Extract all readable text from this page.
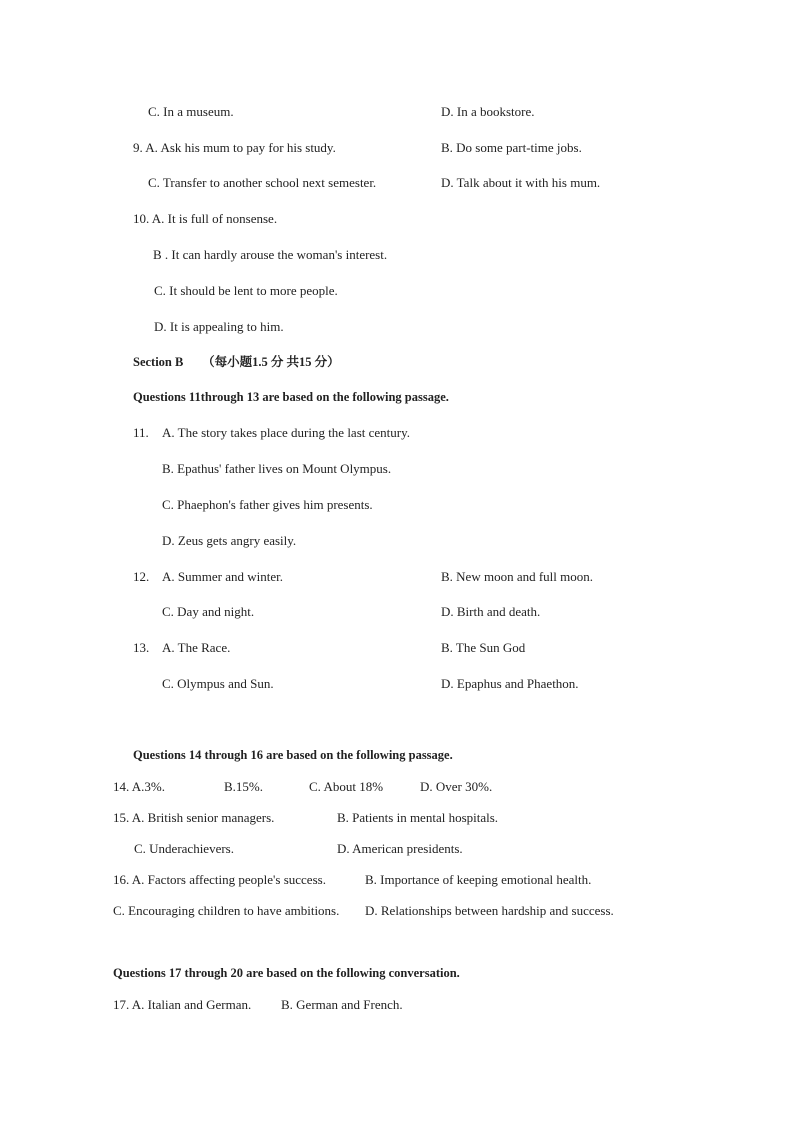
C. In a museum.	D. In a bookstore.
9. A. Ask his mum to pay for his study.	B. Do some part-time jobs.
C. Transfer to another school next semester.	D. Talk about it with his mum.
10. A. It is full of nonsense.
B . It can hardly arouse the woman's interest.
C. It should be lent to more people.
D. It is appealing to him.
Section B　　（每小题1.5 分 共15 分）
Questions 11through 13 are based on the following passage.
11. A. The story takes place during the last century.
B. Epathus' father lives on Mount Olympus.
C. Phaephon's father gives him presents.
D. Zeus gets angry easily.
12. A. Summer and winter.	B. New moon and full moon.
C. Day and night.	D. Birth and death.
13. A. The Race.	B. The Sun God
C. Olympus and Sun.	D. Epaphus and Phaethon.
Questions 14 through 16 are based on the following passage.
14. A.3%.	B.15%.	C. About 18%	D. Over 30%.
15. A. British senior managers.	B. Patients in mental hospitals.
C. Underachievers.	D. American presidents.
16. A. Factors affecting people's success.	B. Importance of keeping emotional health.
C. Encouraging children to have ambitions. D. Relationships between hardship and success.
Questions 17 through 20 are based on the following conversation.
17. A. Italian and German. B. German and French.
